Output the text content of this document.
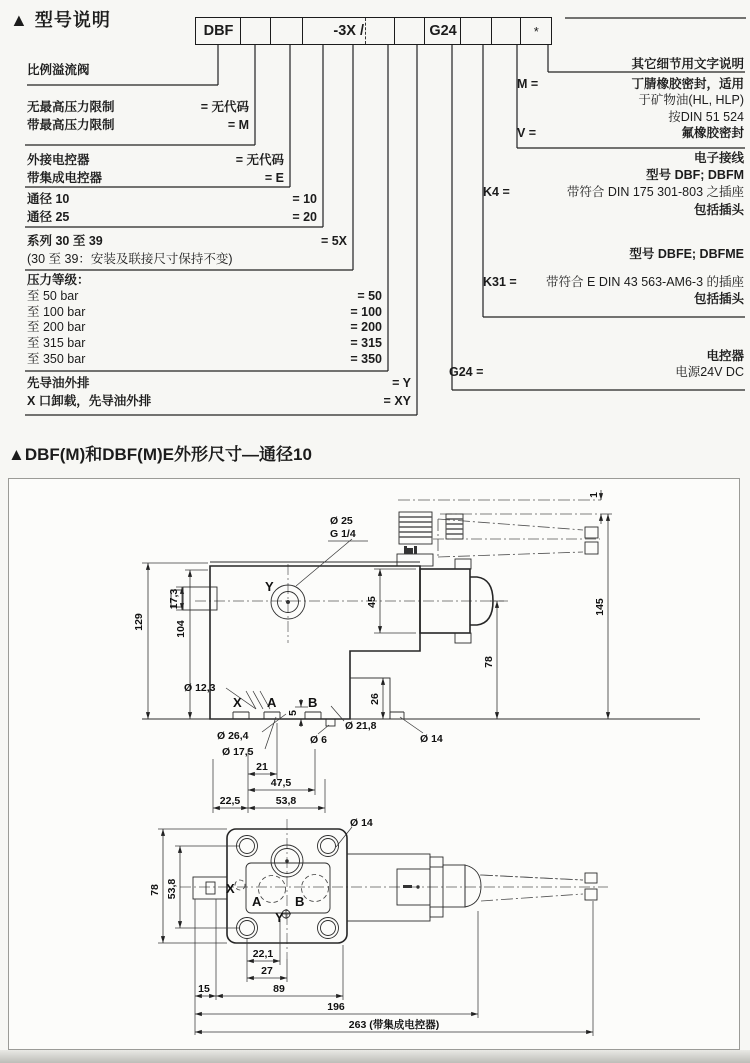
▲ 型号说明
DBF	-3X /	G24	*
比例溢流阀
无最高压力限制	= 无代码
带最高压力限制	= M
外接电控器	= 无代码
带集成电控器	= E
通径 10	= 10
通径 25	= 20
系列 30 至 39	= 5X
(30 至 39：安装及联接尺寸保持不变)
压力等级：
至 50 bar	= 50
至 100 bar	= 100
至 200 bar	= 200
至 315 bar	= 315
至 350 bar	= 350
先导油外排	= Y
X 口卸载，先导油外排	= XY
其它细节用文字说明
M =	丁腈橡胶密封，适用
于矿物油(HL, HLP)
按DIN 51 524
V =	氟橡胶密封
电子接线
型号 DBF; DBFM
K4 =	带符合 DIN 175 301-803 之插座
包括插头
型号 DBFE; DBFME
K31 =	带符合 E DIN 43 563-AM6-3 的插座
包括插头
电控器
G24 =	电源24V DC
▲DBF(M)和DBF(M)E外形尺寸—通径10
Ø 25
G 1/4
Y
17,3
129	104
45
78
145
1
26
5
X A B
Ø 12,3
Ø 26,4
Ø 17,5
Ø 6	Ø 14
Ø 21,8
21
47,5
22,5	53,8
78 53,8	X
A	B
Y
Ø 14
22,1
27
15	89
196
263 (带集成电控器)
